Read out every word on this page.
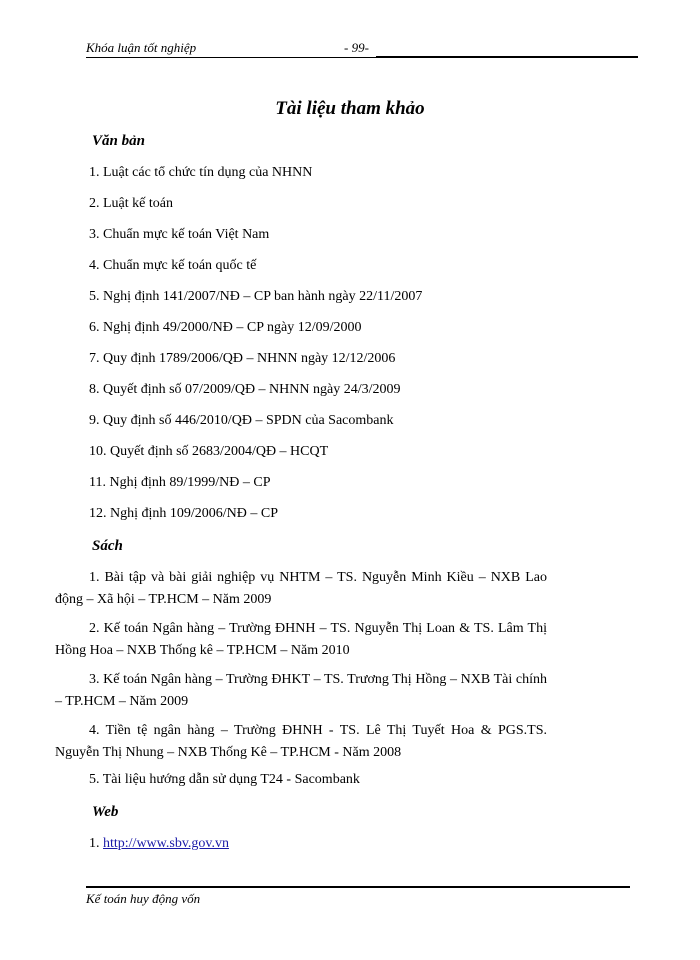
Khóa luận tốt nghiệp	- 99-
Tài liệu tham khảo
Văn bản
1. Luật các tổ chức tín dụng của NHNN
2. Luật kế toán
3. Chuẩn mực kế toán Việt Nam
4. Chuẩn mực kế toán quốc tế
5. Nghị định 141/2007/NĐ – CP ban hành ngày 22/11/2007
6. Nghị định 49/2000/NĐ – CP ngày 12/09/2000
7. Quy định 1789/2006/QĐ – NHNN ngày 12/12/2006
8. Quyết định số 07/2009/QĐ – NHNN ngày 24/3/2009
9. Quy định số 446/2010/QĐ – SPDN của Sacombank
10. Quyết định số 2683/2004/QĐ – HCQT
11. Nghị định 89/1999/NĐ – CP
12. Nghị định 109/2006/NĐ – CP
Sách
1. Bài tập và bài giải nghiệp vụ NHTM – TS. Nguyễn Minh Kiều – NXB Lao động – Xã hội – TP.HCM – Năm 2009
2. Kế toán Ngân hàng – Trường ĐHNH – TS. Nguyễn Thị Loan & TS. Lâm Thị Hồng Hoa – NXB Thống kê – TP.HCM – Năm 2010
3. Kế toán Ngân hàng – Trường ĐHKT – TS. Trương Thị Hồng – NXB Tài chính – TP.HCM – Năm 2009
4. Tiền tệ ngân hàng – Trường ĐHNH - TS. Lê Thị Tuyết Hoa & PGS.TS. Nguyễn Thị Nhung – NXB Thống Kê – TP.HCM - Năm 2008
5. Tài liệu hướng dẫn sử dụng T24 - Sacombank
Web
1. http://www.sbv.gov.vn
Kế toán huy động vốn
